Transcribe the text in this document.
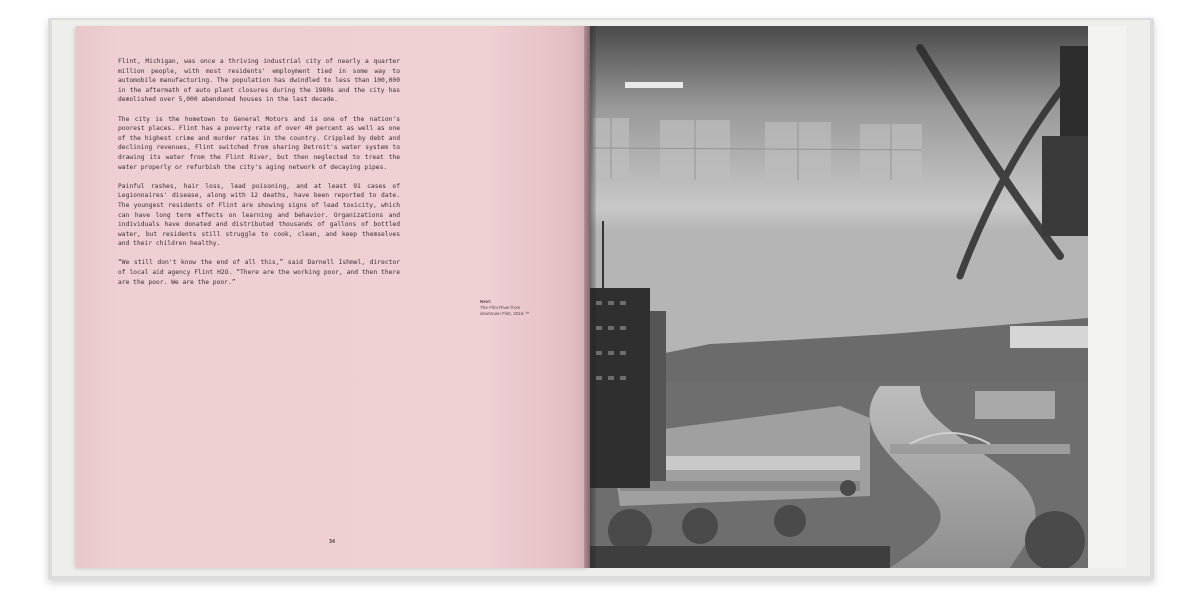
Flint, Michigan, was once a thriving industrial city of nearly a quarter million people, with most residents' employment tied in some way to automobile manufacturing. The population has dwindled to less than 100,000 in the aftermath of auto plant closures during the 1980s and the city has demolished over 5,000 abandoned houses in the last decade.

The city is the hometown to General Motors and is one of the nation's poorest places. Flint has a poverty rate of over 40 percent as well as one of the highest crime and murder rates in the country. Crippled by debt and declining revenues, Flint switched from sharing Detroit's water system to drawing its water from the Flint River, but then neglected to treat the water properly or refurbish the city's aging network of decaying pipes.

Painful rashes, hair loss, lead poisoning, and at least 91 cases of Legionnaires' disease, along with 12 deaths, have been reported to date. The youngest residents of Flint are showing signs of lead toxicity, which can have long term effects on learning and behavior. Organizations and individuals have donated and distributed thousands of gallons of bottled water, but residents still struggle to cook, clean, and keep themselves and their children healthy.

“We still don't know the end of all this,” said Darnell Ishmel, director of local aid agency Flint H2O. “There are the working poor, and then there are the poor. We are the poor.”

Next:
The Flint River from downtown Flint, 2016.™
34
